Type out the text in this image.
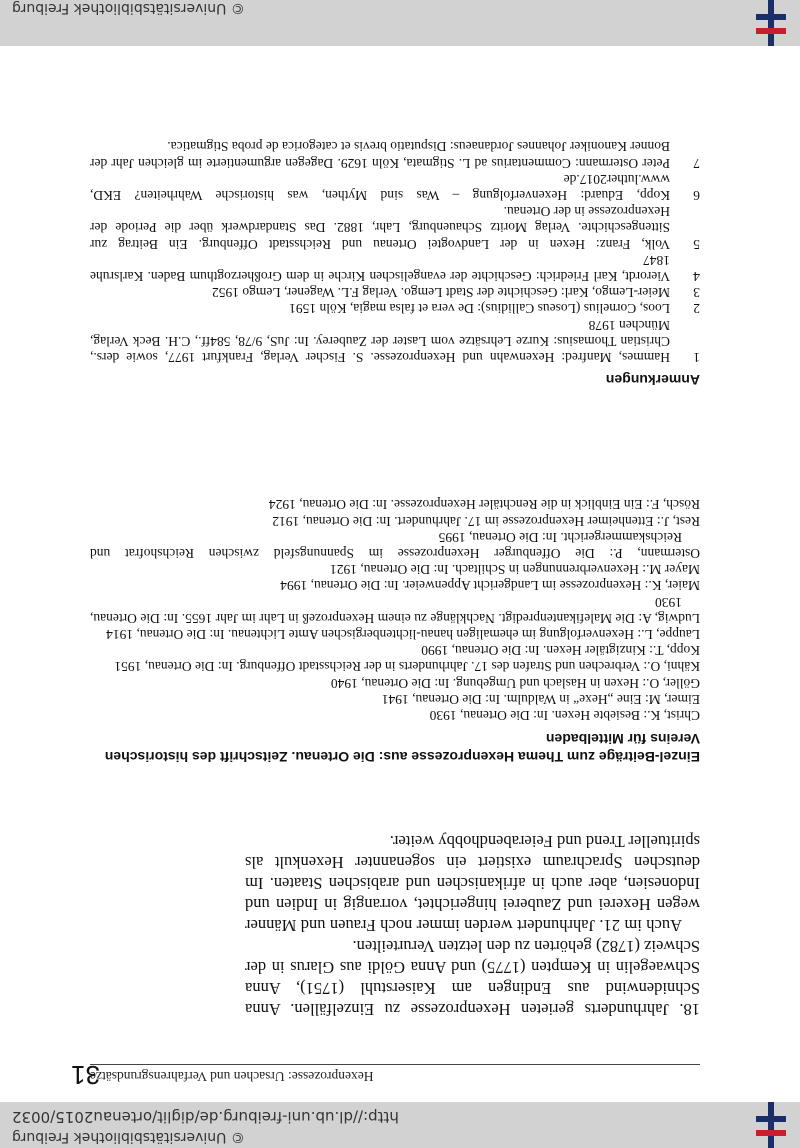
© Universitätsbibliothek Freiburg
http://dl.ub.uni-freiburg.de/diglit/ortenau2015/0032
31
Hexenprozesse: Ursachen und Verfahrensgrundsätze

18. Jahrhunderts gerieten Hexenprozesse zu Einzelfällen. Anna Schnidenwind aus Endingen am Kaiserstuhl (1751), Anna Schwaegelin in Kempten (1775) und Anna Göldi aus Glarus in der Schweiz (1782) gehörten zu den letzten Verurteilten.

Auch im 21. Jahrhundert werden immer noch Frauen und Männer wegen Hexerei und Zauberei hingerichtet, vorrangig in Indien und Indonesien, aber auch in afrikanischen und arabischen Staaten. Im deutschen Sprachraum existiert ein sogenannter Hexenkult als spiritueller Trend und Feierabendhobby weiter.

Einzel-Beiträge zum Thema Hexenprozesse aus: Die Ortenau. Zeitschrift des historischen Vereins für Mittelbaden

Christ, K.: Besiebte Hexen. In: Die Ortenau, 1930

Eimer, M: Eine „Hexe“ in Waldulm. In: Die Ortenau, 1941

Göller, O.: Hexen in Haslach und Umgebung. In: Die Ortenau, 1940

Kähni, O.: Verbrechen und Strafen des 17. Jahrhunderts in der Reichsstadt Offenburg. In: Die Ortenau, 1951

Kopp, T.: Kinzigtäler Hexen. In: Die Ortenau, 1990

Lauppe, L.: Hexenverfolgung im ehemaligen hanau-lichtenbergischen Amte Lichtenau. In: Die Ortenau, 1914

Ludwig, A: Die Malefikantenpredigt. Nachklänge zu einem Hexenprozeß in Lahr im Jahr 1655. In: Die Ortenau, 1930

Maier, K.: Hexenprozesse im Landgericht Appenweier. In: Die Ortenau, 1994

Mayer M.: Hexenverbrennungen in Schiltach. In: Die Ortenau, 1921

Ostermann, P.: Die Offenburger Hexenprozesse im Spannungsfeld zwischen Reichshofrat und Reichskammergericht. In: Die Ortenau, 1995

Rest, J.: Ettenheimer Hexenprozesse im 17. Jahrhundert. In: Die Ortenau, 1912

Rösch, F.: Ein Einblick in die Renchtäler Hexenprozesse. In: Die Ortenau, 1924

Anmerkungen
1
Hammes, Manfred: Hexenwahn und Hexenprozesse. S. Fischer Verlag, Frankfurt 1977, sowie ders., Christian Thomasius: Kurze Lehrsätze vom Laster der Zauberey. In: JuS, 9/78, 584ff., C.H. Beck Verlag, München 1978
2
Loos, Cornelius (Loseus Callidius): De vera et falsa magia, Köln 1591
3
Meier-Lemgo, Karl: Geschichte der Stadt Lemgo. Verlag F.L. Wagener, Lemgo 1952
4
Vierordt, Karl Friedrich: Geschichte der evangelischen Kirche in dem Großherzogthum Baden. Karlsruhe 1847
5
Volk, Franz: Hexen in der Landvogtei Ortenau und Reichsstadt Offenburg. Ein Beitrag zur Sittengeschichte. Verlag Moritz Schauenburg, Lahr, 1882. Das Standardwerk über die Periode der Hexenprozesse in der Ortenau.
6
Kopp, Eduard: Hexenverfolgung – Was sind Mythen, was historische Wahrheiten? EKD, www.luther2017.de
7
Peter Ostermann: Commentarius ad L. Stigmata, Köln 1629. Dagegen argumentierte im gleichen Jahr der Bonner Kanoniker Johannes Jordanaeus: Disputatio brevis et categorica de proba Stigmatica.
© Universitätsbibliothek Freiburg
